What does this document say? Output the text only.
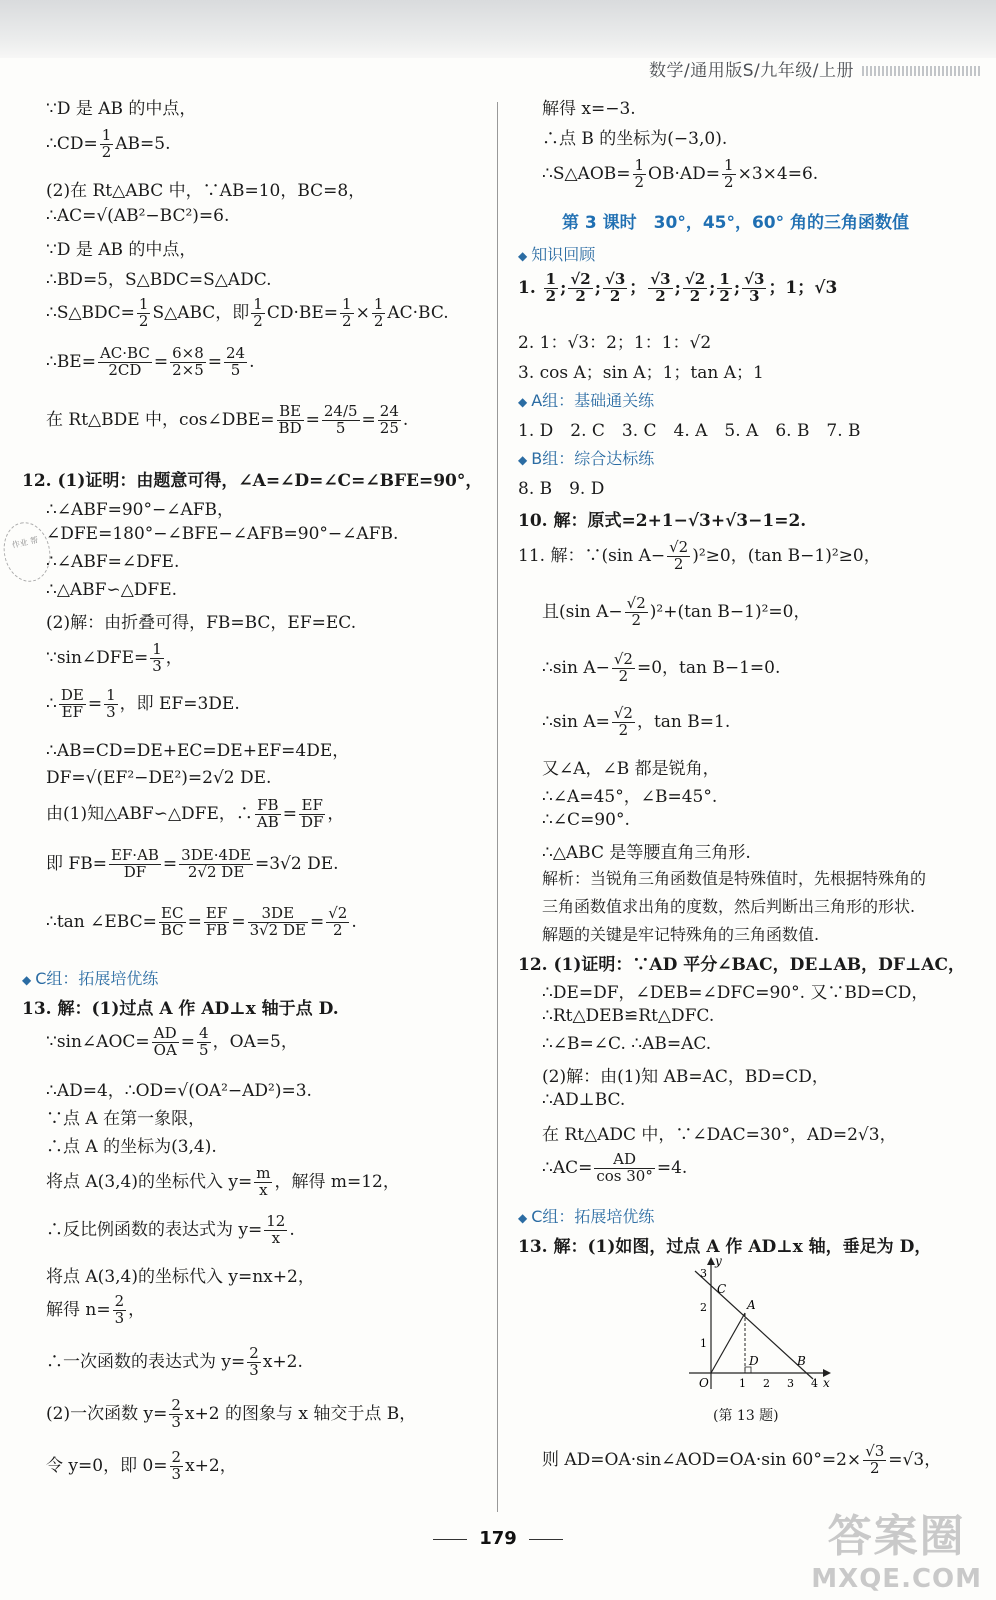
数学/通用版S/九年级/上册
作业 帮
∵D 是 AB 的中点，
∴CD= $\frac{1}{2} AB=5$.
(2)在 Rt△ABC 中，∵AB=10，BC=8，
∴AC=√(AB²−BC²)=6.
∵D 是 AB 的中点，
∴BD=5，S△BDC=S△ADC.
∴S△BDC= $\frac{1}{2}$ S△ABC，即 $\frac{1}{2} CD\cdot BE= \frac{1}{2} \times \frac{1}{2} AC\cdot BC$.
∴BE= $\frac{AC\cdot BC}{2CD} = \frac{6\times 8}{2\times 5} = \frac{24}{5}$ .
在 Rt△BDE 中，cos∠DBE= $\frac{BE}{BD} = \frac{24/5}{5} = \frac{24}{25}$ .
12. (1)证明：由题意可得，∠A=∠D=∠C=∠BFE=90°，
∴∠ABF=90°−∠AFB，
∠DFE=180°−∠BFE−∠AFB=90°−∠AFB.
∴∠ABF=∠DFE.
∴△ABF∽△DFE.
(2)解：由折叠可得，FB=BC，EF=EC.
∵sin∠DFE= $\frac{1}{3}$ ，
∴ $\frac{DE}{EF} = \frac{1}{3}$ ，即 EF=3DE.
∴AB=CD=DE+EC=DE+EF=4DE，
DF=√(EF²−DE²)=2√2 DE.
由(1)知△ABF∽△DFE，∴ $\frac{FB}{AB} = \frac{EF}{DF}$ ，
即 $FB= \frac{EF\cdot AB}{DF} = \frac{3DE\cdot 4DE}{2√2 DE} =3√2$ DE.
∴tan ∠EBC= $\frac{EC}{BC} = \frac{EF}{FB} = \frac{3DE}{3√2 DE} = \frac{√2}{2}$ .
◆ C组：拓展培优练
13. 解：(1)过点 A 作 AD⊥x 轴于点 D.
∵sin∠AOC= $\frac{AD}{OA} = \frac{4}{5}$ ，OA=5，
∴AD=4，∴OD=√(OA²−AD²)=3.
∵点 A 在第一象限，
∴点 A 的坐标为(3,4).
将点 A(3,4)的坐标代入 $y= \frac{m}{x}$ ，解得 m=12，
∴反比例函数的表达式为 $y= \frac{12}{x}$ .
将点 A(3,4)的坐标代入 y=nx+2，
解得 $n= \frac{2}{3}$ ，
∴一次函数的表达式为 $y= \frac{2}{3} x+2$.
(2)一次函数 $y= \frac{2}{3} x+2$ 的图象与 x 轴交于点 B，
令 y=0，即 $0= \frac{2}{3} x+2$，
解得 x=−3.
∴点 B 的坐标为(−3,0).
∴S△AOB= $\frac{1}{2} OB\cdot AD= \frac{1}{2} \times 3\times 4=6$.
第 3 课时　30°，45°，60° 角的三角函数值
◆ 知识回顾
1. $\frac{1}{2}$ ; $\frac{√2}{2}$ ; $\frac{√3}{2}$ ； $\frac{√3}{2}$ ; $\frac{√2}{2}$ ; $\frac{1}{2}$ ; $\frac{√3}{3}$ ；1；√3
2. 1：√3：2；1：1：√2
3. cos A；sin A；1；tan A；1
◆ A组：基础通关练
1. D　2. C　3. C　4. A　5. A　6. B　7. B
◆ B组：综合达标练
8. B　9. D
10. 解：原式=2+1−√3+√3−1=2.
11. 解：∵(sin $A- \frac{√2}{2} )^2\ge 0$，(tan B−1)²≥0，
且(sin $A- \frac{√2}{2} )^2+(\tan$ B−1)²=0，
∴sin $A- \frac{√2}{2} =0$，tan B−1=0.
∴sin $A= \frac{√2}{2}$ ，tan B=1.
又∠A，∠B 都是锐角，
∴∠A=45°，∠B=45°.
∴∠C=90°.
∴△ABC 是等腰直角三角形.
解析：当锐角三角函数值是特殊值时，先根据特殊角的
三角函数值求出角的度数，然后判断出三角形的形状.
解题的关键是牢记特殊角的三角函数值.
12. (1)证明：∵AD 平分∠BAC，DE⊥AB，DF⊥AC，
∴DE=DF，∠DEB=∠DFC=90°. 又∵BD=CD，
∴Rt△DEB≌Rt△DFC.
∴∠B=∠C. ∴AB=AC.
(2)解：由(1)知 AB=AC，BD=CD，
∴AD⊥BC.
在 Rt△ADC 中，∵∠DAC=30°，AD=2√3，
∴AC= $\frac{AD}{\cos 30^\circ} =4$.
◆ C组：拓展培优练
13. 解：(1)如图，过点 A 作 AD⊥x 轴，垂足为 D，
y
x
O
C
A
D	B
1 2 3 4
1
2
3
(第 13 题)
则 AD=OA·sin∠AOD=OA·sin $60^\circ=2\times \frac{√3}{2} =√3$，
179	答案圈
MXQE.COM
